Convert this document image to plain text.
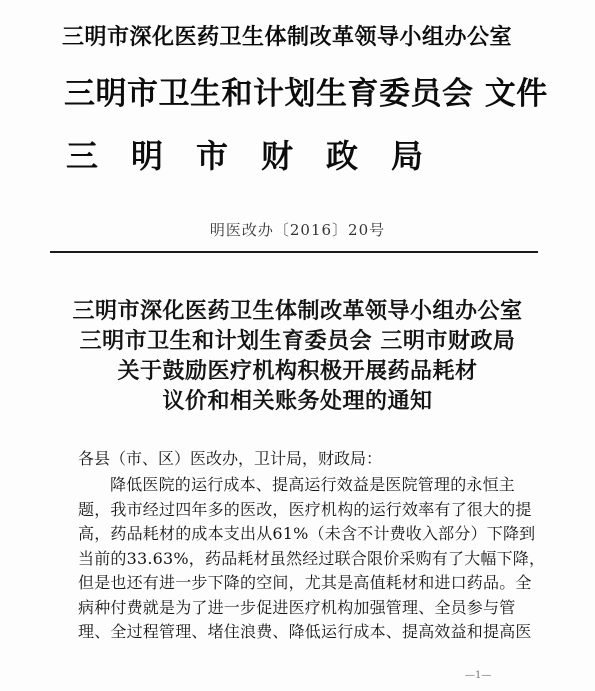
三明市深化医药卫生体制改革领导小组办公室
三明市卫生和计划生育委员会 文件
三明市财政局
明医改办〔2016〕20号
三明市深化医药卫生体制改革领导小组办公室
三明市卫生和计划生育委员会 三明市财政局
关于鼓励医疗机构积极开展药品耗材
议价和相关账务处理的通知
各县（市、区）医改办，卫计局，财政局：
降低医院的运行成本、提高运行效益是医院管理的永恒主
题，我市经过四年多的医改，医疗机构的运行效率有了很大的提
高，药品耗材的成本支出从61%（未含不计费收入部分）下降到
当前的33.63%，药品耗材虽然经过联合限价采购有了大幅下降，
但是也还有进一步下降的空间，尤其是高值耗材和进口药品。全
病种付费就是为了进一步促进医疗机构加强管理、全员参与管
理、全过程管理、堵住浪费、降低运行成本、提高效益和提高医
—1—
